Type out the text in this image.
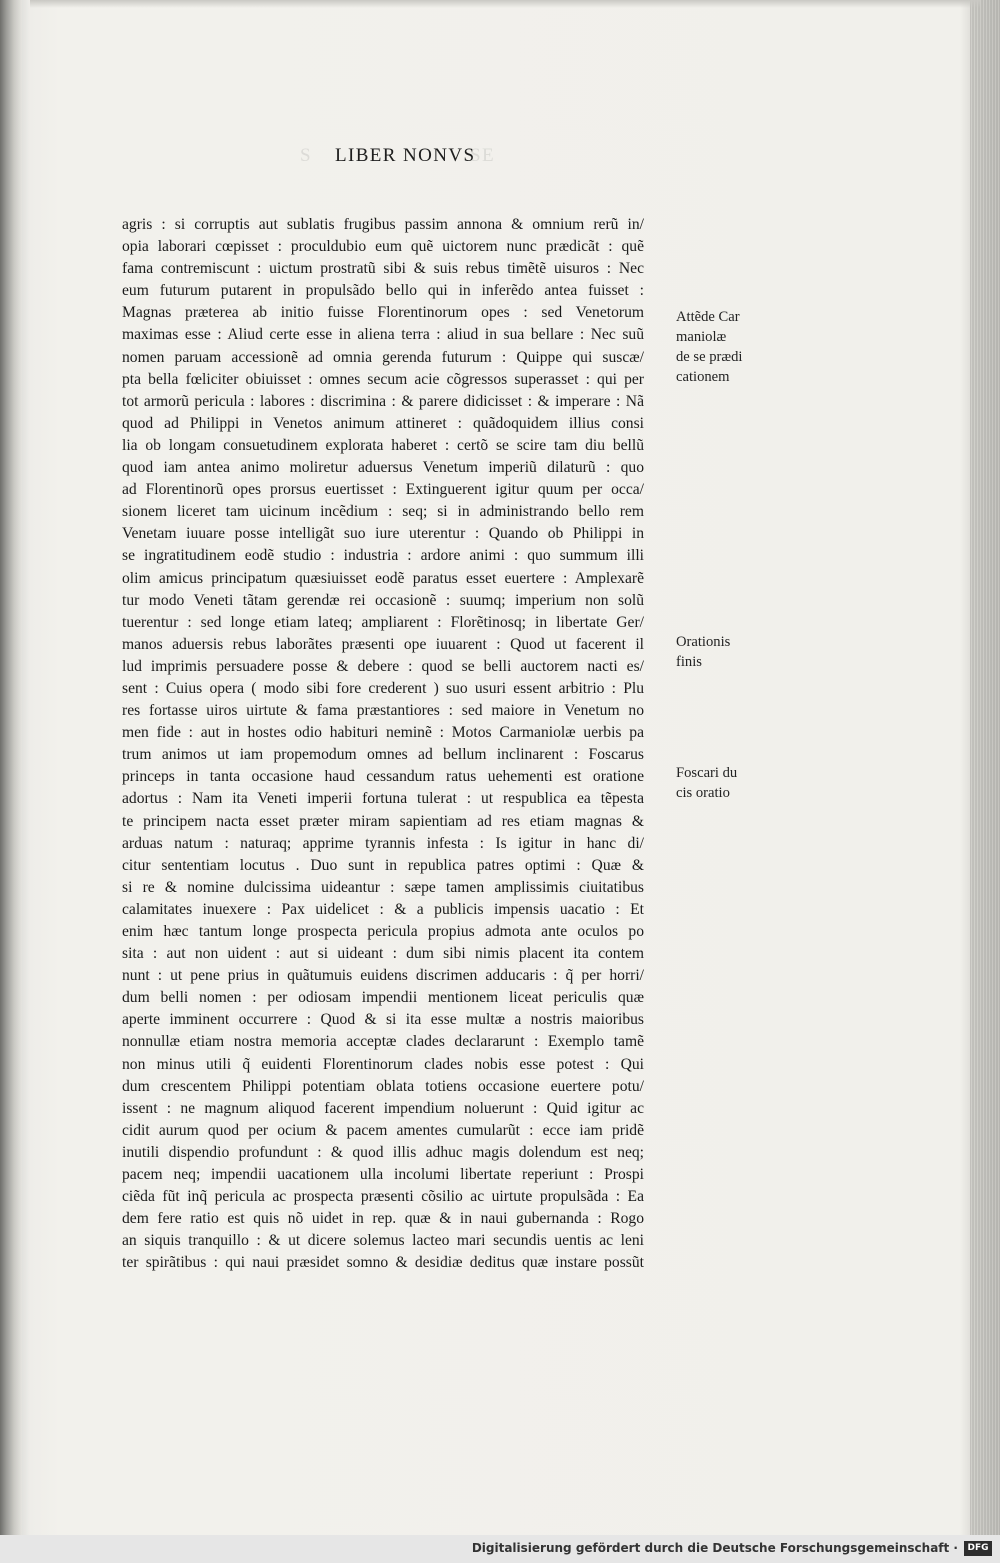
S	SE
LIBER NONVS
agris : si corruptis aut sublatis frugibus passim annona & omnium rerũ in/
opia laborari cœpisset : proculdubio eum quẽ uictorem nunc prædicãt : quẽ
fama contremiscunt : uictum prostratũ sibi & suis rebus timẽtẽ uisuros : Nec
eum futurum putarent in propulsãdo bello qui in inferẽdo antea fuisset :
Magnas præterea ab initio fuisse Florentinorum opes : sed Venetorum
maximas esse : Aliud certe esse in aliena terra : aliud in sua bellare : Nec suũ
nomen paruam accessionẽ ad omnia gerenda futurum : Quippe qui suscæ/
pta bella fœliciter obiuisset : omnes secum acie cõgressos superasset : qui per
tot armorũ pericula : labores : discrimina : & parere didicisset : & imperare : Nã
quod ad Philippi in Venetos animum attineret : quãdoquidem illius consi
lia ob longam consuetudinem explorata haberet : certõ se scire tam diu bellũ
quod iam antea animo moliretur aduersus Venetum imperiũ dilaturũ : quo
ad Florentinorũ opes prorsus euertisset : Extinguerent igitur quum per occa/
sionem liceret tam uicinum incẽdium : seq; si in administrando bello rem
Venetam iuuare posse intelligãt suo iure uterentur : Quando ob Philippi in
se ingratitudinem eodẽ studio : industria : ardore animi : quo summum illi
olim amicus principatum quæsiuisset eodẽ paratus esset euertere : Amplexarẽ
tur modo Veneti tãtam gerendæ rei occasionẽ : suumq; imperium non solũ
tuerentur : sed longe etiam lateq; ampliarent : Florẽtinosq; in libertate Ger/
manos aduersis rebus laborãtes præsenti ope iuuarent : Quod ut facerent il
lud imprimis persuadere posse & debere : quod se belli auctorem nacti es/
sent : Cuius opera ( modo sibi fore crederent ) suo usuri essent arbitrio : Plu
res fortasse uiros uirtute & fama præstantiores : sed maiore in Venetum no
men fide : aut in hostes odio habituri neminẽ : Motos Carmaniolæ uerbis pa
trum animos ut iam propemodum omnes ad bellum inclinarent : Foscarus
princeps in tanta occasione haud cessandum ratus uehementi est oratione
adortus : Nam ita Veneti imperii fortuna tulerat : ut respublica ea tẽpesta
te principem nacta esset præter miram sapientiam ad res etiam magnas &
arduas natum : naturaq; apprime tyrannis infesta : Is igitur in hanc di/
citur sententiam locutus . Duo sunt in republica patres optimi : Quæ &
si re & nomine dulcissima uideantur : sæpe tamen amplissimis ciuitatibus
calamitates inuexere : Pax uidelicet : & a publicis impensis uacatio : Et
enim hæc tantum longe prospecta pericula propius admota ante oculos po
sita : aut non uident : aut si uideant : dum sibi nimis placent ita contem
nunt : ut pene prius in quãtumuis euidens discrimen adducaris : q̃ per horri/
dum belli nomen : per odiosam impendii mentionem liceat periculis quæ
aperte imminent occurrere : Quod & si ita esse multæ a nostris maioribus
nonnullæ etiam nostra memoria acceptæ clades declararunt : Exemplo tamẽ
non minus utili q̃ euidenti Florentinorum clades nobis esse potest : Qui
dum crescentem Philippi potentiam oblata totiens occasione euertere potu/
issent : ne magnum aliquod facerent impendium noluerunt : Quid igitur ac
cidit aurum quod per ocium & pacem amentes cumularũt : ecce iam pridẽ
inutili dispendio profundunt : & quod illis adhuc magis dolendum est neq;
pacem neq; impendii uacationem ulla incolumi libertate reperiunt : Prospi
ciẽda fũt inq̃ pericula ac prospecta præsenti cõsilio ac uirtute propulsãda : Ea
dem fere ratio est quis nõ uidet in rep. quæ & in naui gubernanda : Rogo
an siquis tranquillo : & ut dicere solemus lacteo mari secundis uentis ac leni
ter spirãtibus : qui naui præsidet somno & desidiæ deditus quæ instare possũt
Attẽde Car
maniolæ
de se prædi
cationem
Orationis
finis
Foscari du
cis oratio
Digitalisierung gefördert durch die Deutsche Forschungsgemeinschaft ·	DFG
